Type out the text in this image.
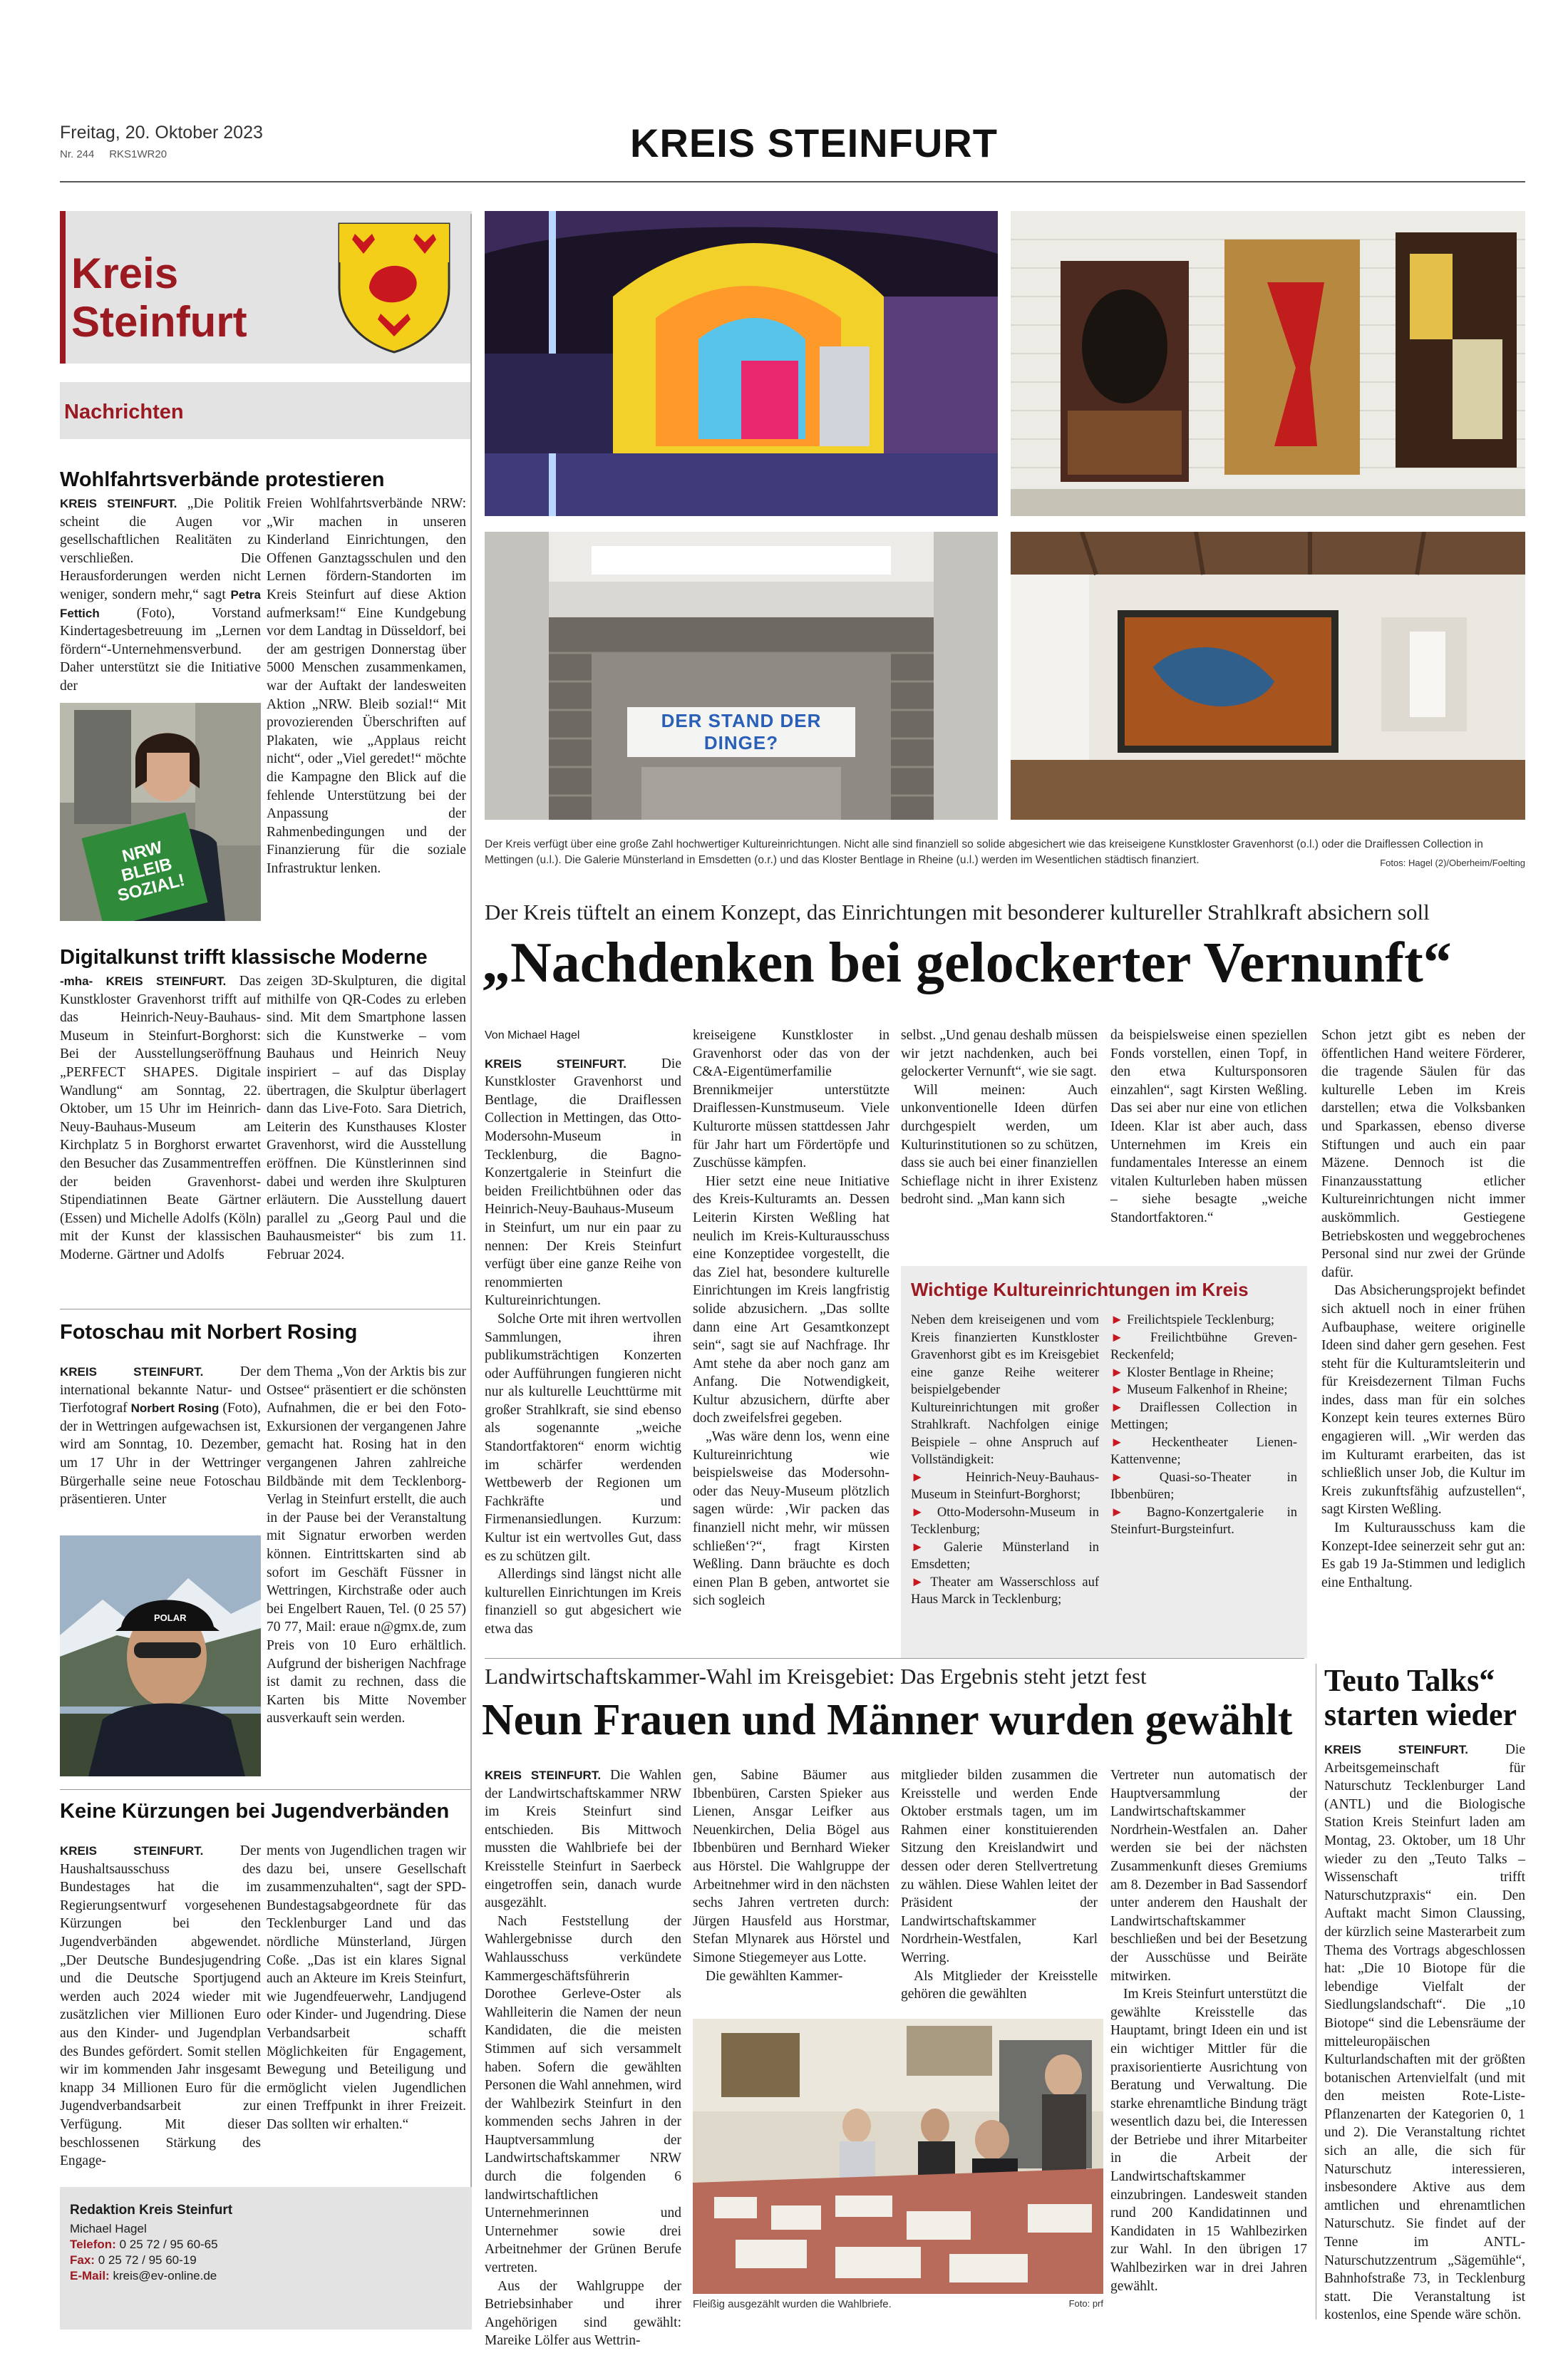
Freitag, 20. Oktober 2023
Nr. 244     RKS1WR20	KREIS STEINFURT
Kreis
Steinfurt
Nachrichten
Wohlfahrtsverbände protestieren
KREIS STEINFURT. „Die Politik scheint die Augen vor gesellschaftlichen Realitäten zu verschließen. Die Herausforderungen werden nicht weniger, sondern mehr,“ sagt Petra Fettich	(Foto), Vorstand Kindertagesbetreuung im „Lernen fördern“-Unternehmensverbund. Daher unterstützt sie die Initiative der
Freien Wohlfahrtsverbände NRW: „Wir machen in unseren Kinderland Einrichtungen, den Offenen Ganztagsschulen und den Lernen fördern-Standorten im Kreis Steinfurt auf diese Aktion aufmerksam!“ Eine Kundgebung vor dem Landtag in Düsseldorf, bei der am gestrigen Donnerstag über 5000 Menschen zusammenkamen, war der Auftakt der landesweiten Aktion „NRW. Bleib sozial!“ Mit provozierenden Überschriften auf Plakaten, wie „Applaus reicht nicht“, oder „Viel geredet!“ möchte die Kampagne den Blick auf die fehlende Unterstützung bei der Anpassung der Rahmenbedingungen und der Finanzierung für die soziale Infrastruktur lenken.
NRW BLEIB SOZIAL!
Digitalkunst trifft klassische Moderne
-mha- KREIS STEINFURT. Das Kunstkloster Gravenhorst trifft auf das Heinrich-Neuy-Bauhaus-Museum in Steinfurt-Borghorst: Bei der Ausstellungseröffnung „PERFECT SHAPES. Digitale Wandlung“ am Sonntag, 22. Oktober, um 15 Uhr im Heinrich-Neuy-Bauhaus-Museum am Kirchplatz 5 in Borghorst erwartet den Besucher das Zusammentreffen der beiden Gravenhorst-Stipendiatinnen Beate Gärtner (Essen) und Michelle Adolfs (Köln) mit der Kunst der klassischen Moderne. Gärtner und Adolfs
zeigen 3D-Skulpturen, die digital mithilfe von QR-Codes zu erleben sind. Mit dem Smartphone lassen sich die Kunstwerke – vom Bauhaus und Heinrich Neuy inspiriert – auf das Display übertragen, die Skulptur überlagert dann das Live-Foto. Sara Dietrich, Leiterin des Kunsthauses Kloster Gravenhorst, wird die Ausstellung eröffnen. Die Künstlerinnen sind dabei und werden ihre Skulpturen erläutern. Die Ausstellung dauert parallel zu „Georg Paul und die Bauhausmeister“ bis zum 11. Februar 2024.
Fotoschau mit Norbert Rosing
KREIS STEINFURT.	Der international bekannte Natur- und Tierfotograf Norbert Rosing (Foto), der in Wettringen aufgewachsen ist, wird am Sonntag, 10. Dezember, um 17 Uhr in der Wettringer Bürgerhalle seine neue Fotoschau präsentieren. Unter
dem Thema „Von der Arktis bis zur Ostsee“ präsentiert er die schönsten Aufnahmen, die er bei den Foto-Exkursionen der vergangenen Jahre gemacht hat. Rosing hat in den vergangenen Jahren zahlreiche Bildbände mit dem Tecklenborg-Verlag in Steinfurt erstellt, die auch in der Pause bei der Veranstaltung mit Signatur erworben werden können. Eintrittskarten sind ab sofort im Geschäft Füssner in Wettringen, Kirchstraße oder auch bei Engelbert Rauen, Tel. (0 25 57) 70 77, Mail: eraue n@gmx.de, zum Preis von 10 Euro erhältlich. Aufgrund der bisherigen Nachfrage ist damit zu rechnen, dass die Karten bis Mitte November ausverkauft sein werden.
POLAR
Keine Kürzungen bei Jugendverbänden
KREIS STEINFURT.	Der Haushaltsausschuss des Bundestages hat die im Regierungsentwurf vorgesehenen Kürzungen bei den Jugendverbänden abgewendet. „Der Deutsche Bundesjugendring und die Deutsche Sportjugend werden auch 2024 wieder mit zusätzlichen vier Millionen Euro aus den Kinder- und Jugendplan des Bundes gefördert. Somit stellen wir im kommenden Jahr insgesamt knapp 34 Millionen Euro für die Jugendverbandsarbeit zur Verfügung. Mit dieser beschlossenen Stärkung des Engage-
ments von Jugendlichen tragen wir dazu bei, unsere Gesellschaft zusammenzuhalten“, sagt der SPD-Bundestagsabgeordnete für das Tecklenburger Land und das nördliche Münsterland, Jürgen Coße. „Das ist ein klares Signal auch an Akteure im Kreis Steinfurt, wie Jugendfeuerwehr, Landjugend oder Kinder- und Jugendring. Diese Verbandsarbeit schafft Möglichkeiten für Engagement, Bewegung und Beteiligung und ermöglicht vielen Jugendlichen einen Treffpunkt in ihrer Freizeit. Das sollten wir erhalten.“
Redaktion Kreis Steinfurt
Michael Hagel
Telefon: 0 25 72 / 95 60-65
Fax: 0 25 72 / 95 60-19
E-Mail: kreis@ev-online.de
DER STAND DER DINGE?
Der Kreis verfügt über eine große Zahl hochwertiger Kultureinrichtungen. Nicht alle sind finanziell so solide abgesichert wie das kreiseigene Kunstkloster Gravenhorst (o.l.) oder die Draiflessen Collection in Mettingen (u.l.). Die Galerie Münsterland in Emsdetten (o.r.) und das Kloster Bentlage in Rheine (u.l.) werden im Wesentlichen städtisch finanziert.	Fotos: Hagel (2)/Oberheim/Foelting
Der Kreis tüftelt an einem Konzept, das Einrichtungen mit besonderer kultureller Strahlkraft absichern soll
„Nachdenken bei gelockerter Vernunft“
Von Michael Hagel

KREIS STEINFURT.	Die Kunstkloster Gravenhorst und Bentlage, die Draiflessen Collection in Mettingen, das Otto-Modersohn-Museum in Tecklenburg, die Bagno-Konzertgalerie in Steinfurt die beiden Freilichtbühnen oder das Heinrich-Neuy-Bauhaus-Museum in Steinfurt, um nur ein paar zu nennen: Der Kreis Steinfurt verfügt über eine ganze Reihe von renommierten Kultureinrichtungen.

Solche Orte mit ihren wertvollen Sammlungen, ihren publikumsträchtigen Konzerten oder Aufführungen fungieren nicht nur als kulturelle Leuchttürme mit großer Strahlkraft, sie sind ebenso als sogenannte „weiche Standortfaktoren“ enorm wichtig im schärfer werdenden Wettbewerb der Regionen um Fachkräfte und Firmenansiedlungen. Kurzum: Kultur ist ein wertvolles Gut, dass es zu schützen gilt.

Allerdings sind längst nicht alle kulturellen Einrichtungen im Kreis finanziell so gut abgesichert wie etwa das

kreiseigene Kunstkloster in Gravenhorst oder das von der C&A-Eigentümerfamilie Brennikmeijer unterstützte Draiflessen-Kunstmuseum. Viele Kulturorte müssen stattdessen Jahr für Jahr hart um Fördertöpfe und Zuschüsse kämpfen.

Hier setzt eine neue Initiative des Kreis-Kulturamts an. Dessen Leiterin Kirsten Weßling hat neulich im Kreis-Kulturausschuss eine Konzeptidee vorgestellt, die das Ziel hat, besondere kulturelle Einrichtungen im Kreis langfristig solide abzusichern. „Das sollte dann eine Art Gesamtkonzept sein“, sagt sie auf Nachfrage. Ihr Amt stehe da aber noch ganz am Anfang. Die Notwendigkeit, Kultur abzusichern, dürfte aber doch zweifelsfrei gegeben.

„Was wäre denn los, wenn eine Kultureinrichtung wie beispielsweise das Modersohn- oder das Neuy-Museum plötzlich sagen würde: ‚Wir packen das finanziell nicht mehr, wir müssen schließen‘?“, fragt Kirsten Weßling. Dann bräuchte es doch einen Plan B geben, antwortet sie sich sogleich

selbst. „Und genau deshalb müssen wir jetzt nachdenken, auch bei gelockerter Vernunft“, wie sie sagt.

Will meinen: Auch unkonventionelle Ideen dürfen durchgespielt werden, um Kulturinstitutionen so zu schützen, dass sie auch bei einer finanziellen Schieflage nicht in ihrer Existenz bedroht sind. „Man kann sich

da beispielsweise einen speziellen Fonds vorstellen, einen Topf, in den etwa Kultursponsoren einzahlen“, sagt Kirsten Weßling. Das sei aber nur eine von etlichen Ideen. Klar ist aber auch, dass Unternehmen im Kreis ein fundamentales Interesse an einem vitalen Kulturleben haben müssen – siehe besagte „weiche Standortfaktoren.“

Schon jetzt gibt es neben der öffentlichen Hand weitere Förderer, die tragende Säulen für das kulturelle Leben im Kreis darstellen; etwa die Volksbanken und Sparkassen, ebenso diverse Stiftungen und auch ein paar Mäzene. Dennoch ist die Finanzausstattung etlicher Kultureinrichtungen nicht immer auskömmlich. Gestiegene Betriebskosten und weggebrochenes Personal sind nur zwei der Gründe dafür.

Das Absicherungsprojekt befindet sich aktuell noch in einer frühen Aufbauphase, weitere originelle Ideen sind daher gern gesehen. Fest steht für die Kulturamtsleiterin und für Kreisdezernent Tilman Fuchs indes, dass man für ein solches Konzept kein teures externes Büro engagieren will. „Wir werden das im Kulturamt erarbeiten, das ist schließlich unser Job, die Kultur im Kreis zukunftsfähig aufzustellen“, sagt Kirsten Weßling.

Im Kulturausschuss kam die Konzept-Idee seinerzeit sehr gut an: Es gab 19 Ja-Stimmen und lediglich eine Enthaltung.

Wichtige Kultureinrichtungen im Kreis
Neben dem kreiseigenen und vom Kreis finanzierten Kunstkloster Gravenhorst gibt es im Kreisgebiet eine ganze Reihe weiterer beispielgebender Kultureinrichtungen mit großer Strahlkraft. Nachfolgen einige Beispiele – ohne Anspruch auf Vollständigkeit:
►	Heinrich-Neuy-Bauhaus-Museum in Steinfurt-Borghorst;
► Otto-Modersohn-Museum in Tecklenburg;
► Galerie Münsterland in Emsdetten;
► Theater am Wasserschloss auf Haus Marck in Tecklenburg;
► Freilichtspiele Tecklenburg;
► Freilichtbühne Greven-Reckenfeld;
► Kloster Bentlage in Rheine;
► Museum Falkenhof in Rheine;
► Draiflessen Collection in Mettingen;
► Heckentheater Lienen-Kattenvenne;
►	Quasi-so-Theater in Ibbenbüren;
► Bagno-Konzertgalerie in Steinfurt-Burgsteinfurt.
Landwirtschaftskammer-Wahl im Kreisgebiet: Das Ergebnis steht jetzt fest
Neun Frauen und Männer wurden gewählt

KREIS STEINFURT. Die Wahlen der Landwirtschaftskammer NRW im Kreis Steinfurt sind entschieden. Bis Mittwoch mussten die Wahlbriefe bei der Kreisstelle Steinfurt in Saerbeck eingetroffen sein, danach wurde ausgezählt.

Nach Feststellung der Wahlergebnisse durch den Wahlausschuss verkündete Kammergeschäftsführerin Dorothee Gerleve-Oster als Wahlleiterin die Namen der neun Kandidaten, die die meisten Stimmen auf sich versammelt haben. Sofern die gewählten Personen die Wahl annehmen, wird der Wahlbezirk Steinfurt in den kommenden sechs Jahren in der Hauptversammlung der Landwirtschaftskammer NRW durch die folgenden 6 landwirtschaftlichen Unternehmerinnen und Unternehmer sowie drei Arbeitnehmer der Grünen Berufe vertreten.

Aus der Wahlgruppe der Betriebsinhaber und ihrer Angehörigen sind gewählt: Mareike Lölfer aus Wettrin-

gen, Sabine Bäumer aus Ibbenbüren, Carsten Spieker aus Lienen, Ansgar Leifker aus Neuenkirchen, Delia Bögel aus Ibbenbüren und Bernhard Wieker aus Hörstel. Die Wahlgruppe der Arbeitnehmer wird in den nächsten sechs Jahren vertreten durch: Jürgen Hausfeld aus Horstmar, Stefan Mlynarek aus Hörstel und Simone Stiegemeyer aus Lotte.

Die gewählten Kammer-

mitglieder bilden zusammen die Kreisstelle und werden Ende Oktober erstmals tagen, um im Rahmen einer konstituierenden Sitzung den Kreislandwirt und dessen oder deren Stellvertretung zu wählen. Diese Wahlen leitet der Präsident der Landwirtschaftskammer Nordrhein-Westfalen, Karl Werring.

Als Mitglieder der Kreisstelle gehören die gewählten

Vertreter nun automatisch der Hauptversammlung der Landwirtschaftskammer Nordrhein-Westfalen an. Daher werden sie bei der nächsten Zusammenkunft dieses Gremiums am 8. Dezember in Bad Sassendorf unter anderem den Haushalt der Landwirtschaftskammer beschließen und bei der Besetzung der Ausschüsse und Beiräte mitwirken.

Im Kreis Steinfurt unterstützt die gewählte Kreisstelle das Hauptamt, bringt Ideen ein und ist ein wichtiger Mittler für die praxisorientierte Ausrichtung von Beratung und Verwaltung. Die starke ehrenamtliche Bindung trägt wesentlich dazu bei, die Interessen der Betriebe und ihrer Mitarbeiter in die Arbeit der Landwirtschaftskammer einzubringen. Landesweit standen rund 200 Kandidatinnen und Kandidaten in 15 Wahlbezirken zur Wahl. In den übrigen 17 Wahlbezirken war in drei Jahren gewählt.

Fleißig ausgezählt wurden die Wahlbriefe.	Foto: prf
Teuto Talks“
starten wieder
KREIS STEINFURT.	Die Arbeitsgemeinschaft für Naturschutz Tecklenburger Land (ANTL) und die Biologische Station Kreis Steinfurt laden am Montag, 23. Oktober, um 18 Uhr wieder zu den „Teuto Talks – Wissenschaft trifft Naturschutzpraxis“ ein. Den Auftakt macht Simon Claussing, der kürzlich seine Masterarbeit zum Thema des Vortrags abgeschlossen hat: „Die 10 Biotope für die lebendige Vielfalt der Siedlungslandschaft“. Die „10 Biotope“ sind die Lebensräume der mitteleuropäischen Kulturlandschaften mit der größten botanischen Artenvielfalt (und mit den meisten Rote-Liste-Pflanzenarten der Kategorien 0, 1 und 2). Die Veranstaltung richtet sich an alle, die sich für Naturschutz interessieren, insbesondere Aktive aus dem amtlichen und ehrenamtlichen Naturschutz. Sie findet auf der Tenne im ANTL-Naturschutzzentrum „Sägemühle“, Bahnhofstraße 73, in Tecklenburg statt. Die Veranstaltung ist kostenlos, eine Spende wäre schön.
